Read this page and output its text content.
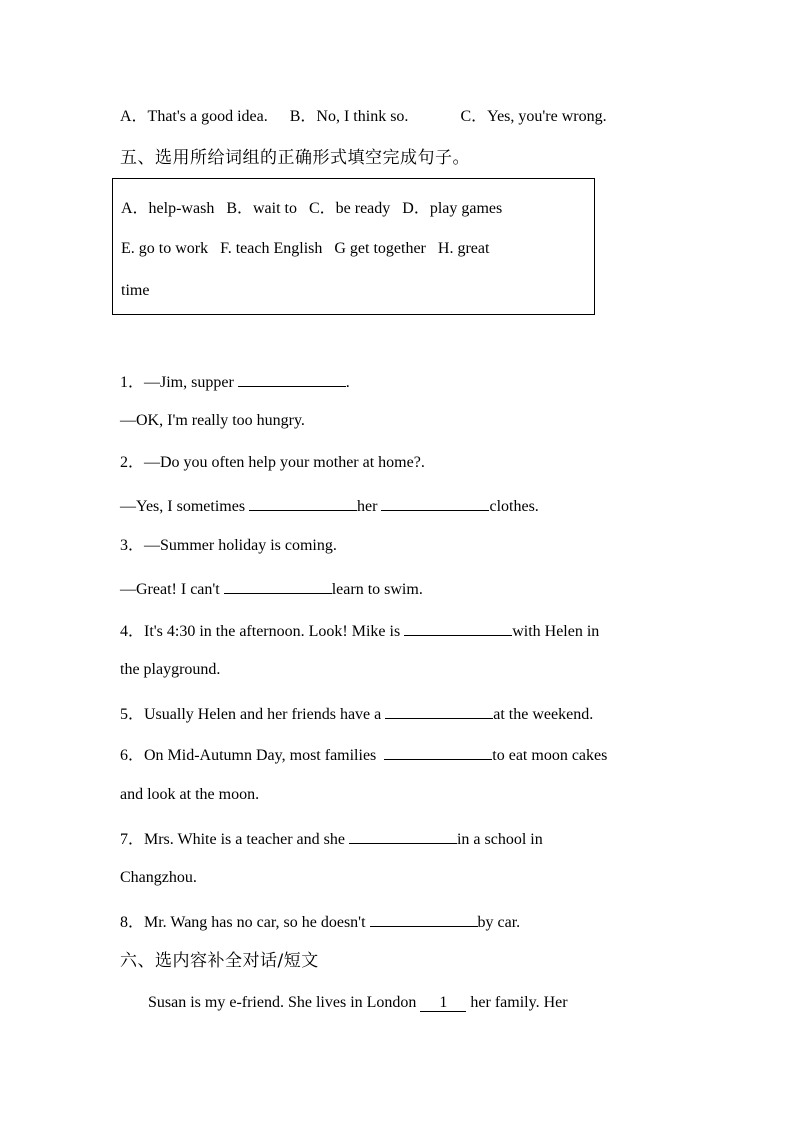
A．That's a good idea. B．No, I think so.	C．Yes, you're wrong.
五、选用所给词组的正确形式填空完成句子。
A．help-wash   B．wait to   C．be ready   D．play games
E. go to work   F. teach English   G get together   H. great
time
1．—Jim, supper	.
—OK, I'm really too hungry.
2．—Do you often help your mother at home?.
—Yes, I sometimes	her	clothes.
3．—Summer holiday is coming.
—Great! I can't	learn to swim.
4．It's 4:30 in the afternoon. Look! Mike is	with Helen in
the playground.
5．Usually Helen and her friends have a	at the weekend.
6．On Mid-Autumn Day, most families	to eat moon cakes
and look at the moon.
7．Mrs. White is a teacher and she	in a school in
Changzhou.
8．Mr. Wang has no car, so he doesn't	by car.
六、选内容补全对话/短文
Susan is my e-friend. She lives in London 1 her family. Her
